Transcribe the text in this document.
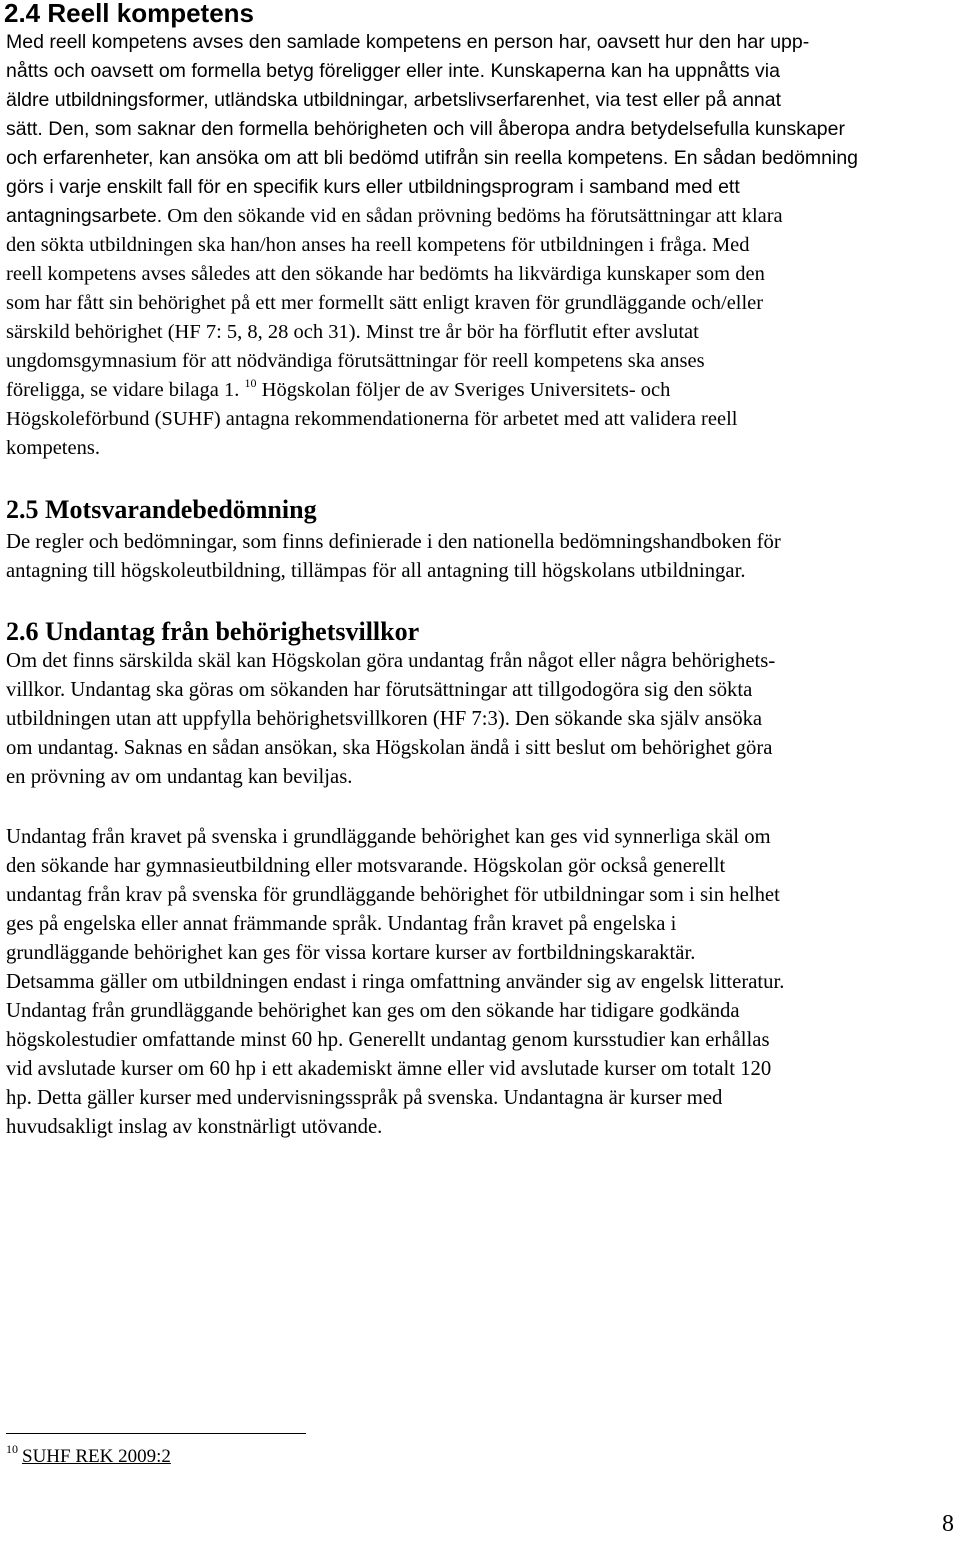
2.4 Reell kompetens
Med reell kompetens avses den samlade kompetens en person har, oavsett hur den har upp-
nåtts och oavsett om formella betyg föreligger eller inte. Kunskaperna kan ha uppnåtts via
äldre utbildningsformer, utländska utbildningar, arbetslivserfarenhet, via test eller på annat
sätt. Den, som saknar den formella behörigheten och vill åberopa andra betydelsefulla kunskaper
och erfarenheter, kan ansöka om att bli bedömd utifrån sin reella kompetens. En sådan bedömning
görs i varje enskilt fall för en specifik kurs eller utbildningsprogram i samband med ett
antagningsarbete. Om den sökande vid en sådan prövning bedöms ha förutsättningar att klara
den sökta utbildningen ska han/hon anses ha reell kompetens för utbildningen i fråga. Med
reell kompetens avses således att den sökande har bedömts ha likvärdiga kunskaper som den
som har fått sin behörighet på ett mer formellt sätt enligt kraven för grundläggande och/eller
särskild behörighet (HF 7: 5, 8, 28 och 31). Minst tre år bör ha förflutit efter avslutat
ungdomsgymnasium för att nödvändiga förutsättningar för reell kompetens ska anses
föreligga, se vidare bilaga 1. $^{10}$ Högskolan följer de av Sveriges Universitets- och
Högskoleförbund (SUHF) antagna rekommendationerna för arbetet med att validera reell
kompetens.
2.5 Motsvarandebedömning
De regler och bedömningar, som finns definierade i den nationella bedömningshandboken för
antagning till högskoleutbildning, tillämpas för all antagning till högskolans utbildningar.
2.6 Undantag från behörighetsvillkor
Om det finns särskilda skäl kan Högskolan göra undantag från något eller några behörighets-
villkor. Undantag ska göras om sökanden har förutsättningar att tillgodogöra sig den sökta
utbildningen utan att uppfylla behörighetsvillkoren (HF 7:3). Den sökande ska själv ansöka
om undantag. Saknas en sådan ansökan, ska Högskolan ändå i sitt beslut om behörighet göra
en prövning av om undantag kan beviljas.
Undantag från kravet på svenska i grundläggande behörighet kan ges vid synnerliga skäl om
den sökande har gymnasieutbildning eller motsvarande. Högskolan gör också generellt
undantag från krav på svenska för grundläggande behörighet för utbildningar som i sin helhet
ges på engelska eller annat främmande språk. Undantag från kravet på engelska i
grundläggande behörighet kan ges för vissa kortare kurser av fortbildningskaraktär.
Detsamma gäller om utbildningen endast i ringa omfattning använder sig av engelsk litteratur.
Undantag från grundläggande behörighet kan ges om den sökande har tidigare godkända
högskolestudier omfattande minst 60 hp. Generellt undantag genom kursstudier kan erhållas
vid avslutade kurser om 60 hp i ett akademiskt ämne eller vid avslutade kurser om totalt 120
hp. Detta gäller kurser med undervisningsspråk på svenska. Undantagna är kurser med
huvudsakligt inslag av konstnärligt utövande.
$^{10}$ SUHF REK 2009:2
8
